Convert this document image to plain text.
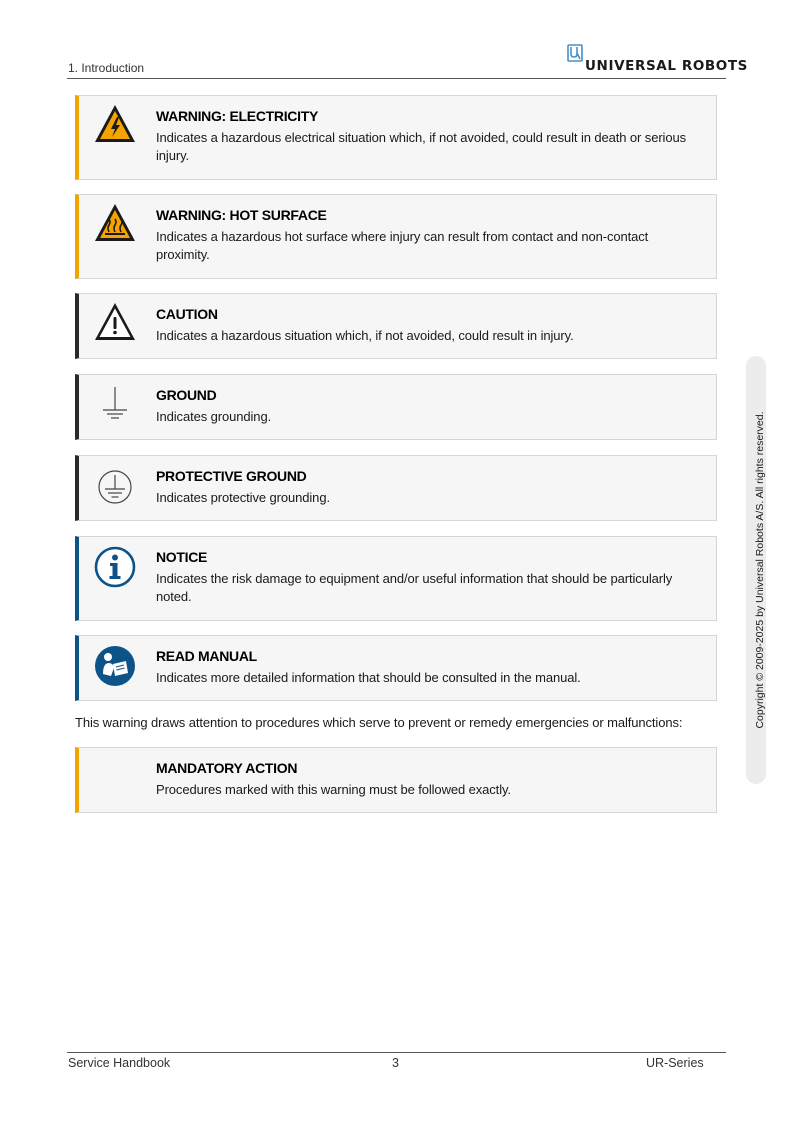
1. Introduction	UNIVERSAL ROBOTS
WARNING: ELECTRICITY
Indicates a hazardous electrical situation which, if not avoided, could result in death or serious injury.
WARNING: HOT SURFACE
Indicates a hazardous hot surface where injury can result from contact and non-contact proximity.
CAUTION
Indicates a hazardous situation which, if not avoided, could result in injury.
GROUND
Indicates grounding.
PROTECTIVE GROUND
Indicates protective grounding.
NOTICE
Indicates the risk damage to equipment and/or useful information that should be particularly noted.
READ MANUAL
Indicates more detailed information that should be consulted in the manual.
This warning draws attention to procedures which serve to prevent or remedy emergencies or malfunctions:
MANDATORY ACTION
Procedures marked with this warning must be followed exactly.
Copyright © 2009-2025 by Universal Robots A/S. All rights reserved.
Service Handbook	3	UR-Series
